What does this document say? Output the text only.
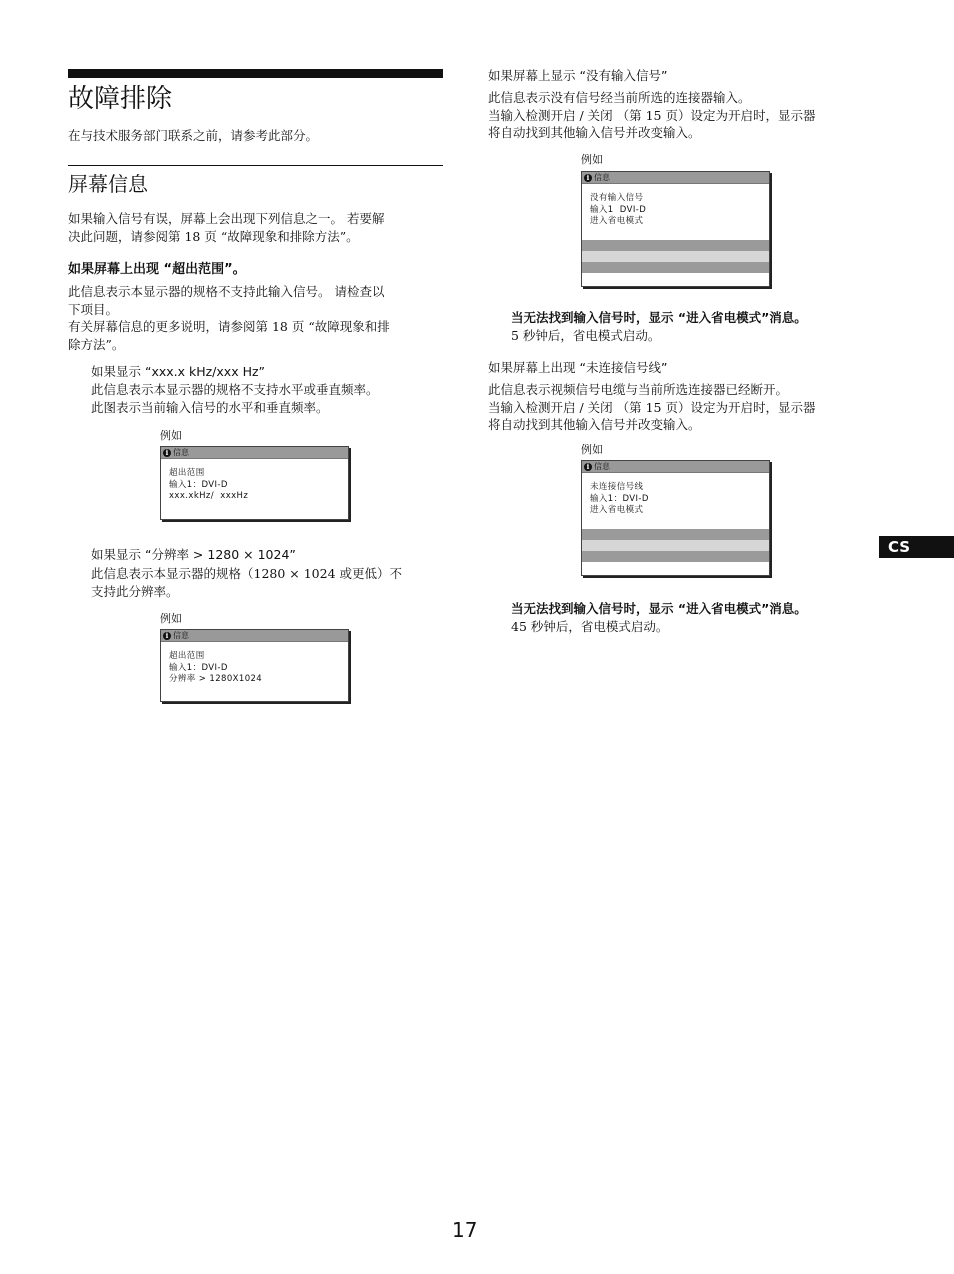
故障排除

在与技术服务部门联系之前，请参考此部分。

屏幕信息

如果输入信号有误，屏幕上会出现下列信息之一。 若要解
决此问题，请参阅第 18 页 “故障现象和排除方法”。

如果屏幕上出现 “超出范围”。

此信息表示本显示器的规格不支持此输入信号。 请检查以
下项目。

有关屏幕信息的更多说明，请参阅第 18 页 “故障现象和排
除方法”。

如果显示 “xxx.x kHz/xxx Hz”

此信息表示本显示器的规格不支持水平或垂直频率。
此图表示当前输入信号的水平和垂直频率。

例如
i 信息
超出范围
输入1：DVI-D
xxx.xkHz/  xxxHz
如果显示 “分辨率 > 1280 × 1024”

此信息表示本显示器的规格（1280 × 1024 或更低）不
支持此分辨率。

例如
i 信息
超出范围
输入1：DVI-D
分辨率 > 1280X1024
如果屏幕上显示 “没有输入信号”

此信息表示没有信号经当前所选的连接器输入。
当输入检测开启 / 关闭 （第 15 页）设定为开启时，显示器
将自动找到其他输入信号并改变输入。

例如
i 信息
没有输入信号
输入1  DVI-D
进入省电模式
当无法找到输入信号时，显示 “进入省电模式”消息。
5 秒钟后，省电模式启动。
如果屏幕上出现 “未连接信号线”

此信息表示视频信号电缆与当前所选连接器已经断开。
当输入检测开启 / 关闭 （第 15 页）设定为开启时，显示器
将自动找到其他输入信号并改变输入。

例如
i 信息
未连接信号线
输入1：DVI-D
进入省电模式
当无法找到输入信号时，显示 “进入省电模式”消息。
45 秒钟后，省电模式启动。
CS
17
